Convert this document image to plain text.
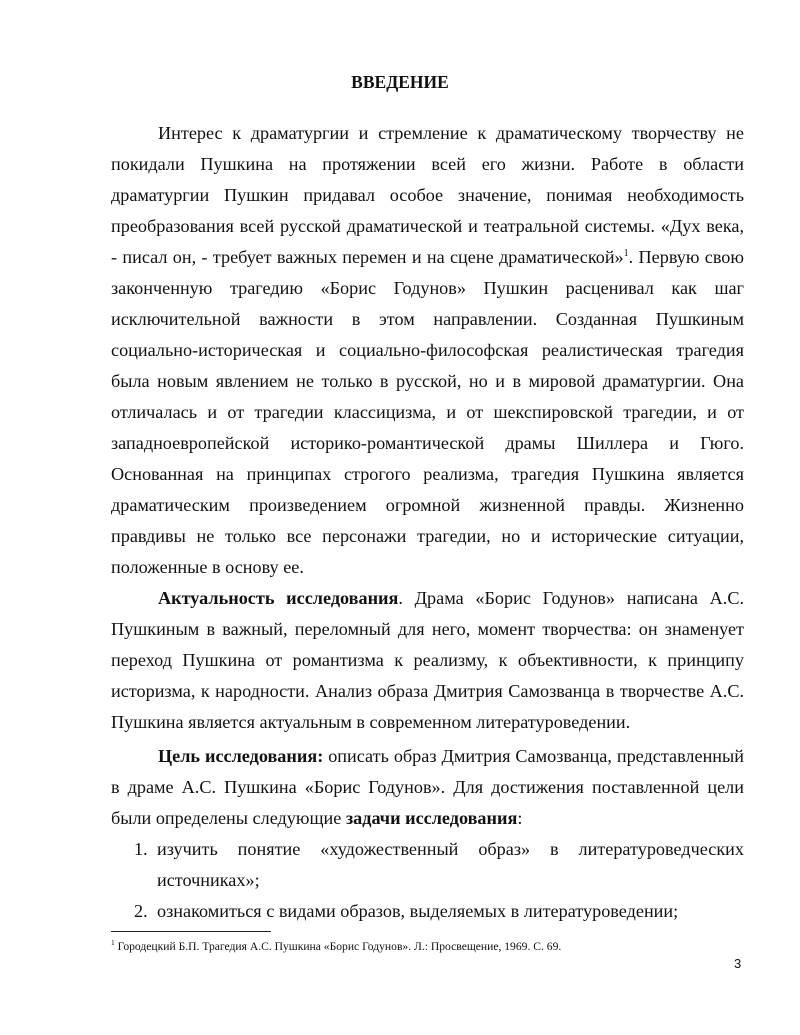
ВВЕДЕНИЕ

Интерес к драматургии и стремление к драматическому творчеству не покидали Пушкина на протяжении всей его жизни. Работе в области драматургии Пушкин придавал особое значение, понимая необходимость преобразования всей русской драматической и театральной системы. «Дух века, - писал он, - требует важных перемен и на сцене драматической»$^1$. Первую свою законченную трагедию «Борис Годунов» Пушкин расценивал как шаг исключительной важности в этом направлении. Созданная Пушкиным социально-историческая и социально-философская реалистическая трагедия была новым явлением не только в русской, но и в мировой драматургии. Она отличалась и от трагедии классицизма, и от шекспировской трагедии, и от западноевропейской историко-романтической драмы Шиллера и Гюго. Основанная на принципах строгого реализма, трагедия Пушкина является драматическим произведением огромной жизненной правды. Жизненно правдивы не только все персонажи трагедии, но и исторические ситуации, положенные в основу ее.

Актуальность исследования. Драма «Борис Годунов» написана А.С. Пушкиным в важный, переломный для него, момент творчества: он знаменует переход Пушкина от романтизма к реализму, к объективности, к принципу историзма, к народности. Анализ образа Дмитрия Самозванца в творчестве А.С. Пушкина является актуальным в современном литературоведении.

Цель исследования: описать образ Дмитрия Самозванца, представленный в драме А.С. Пушкина «Борис Годунов». Для достижения поставленной цели были определены следующие задачи исследования:

1. изучить понятие «художественный образ» в литературоведческих источниках»;
2. ознакомиться с видами образов, выделяемых в литературоведении;
$^1$ Городецкий Б.П. Трагедия А.С. Пушкина «Борис Годунов». Л.: Просвещение, 1969. С. 69.
3
